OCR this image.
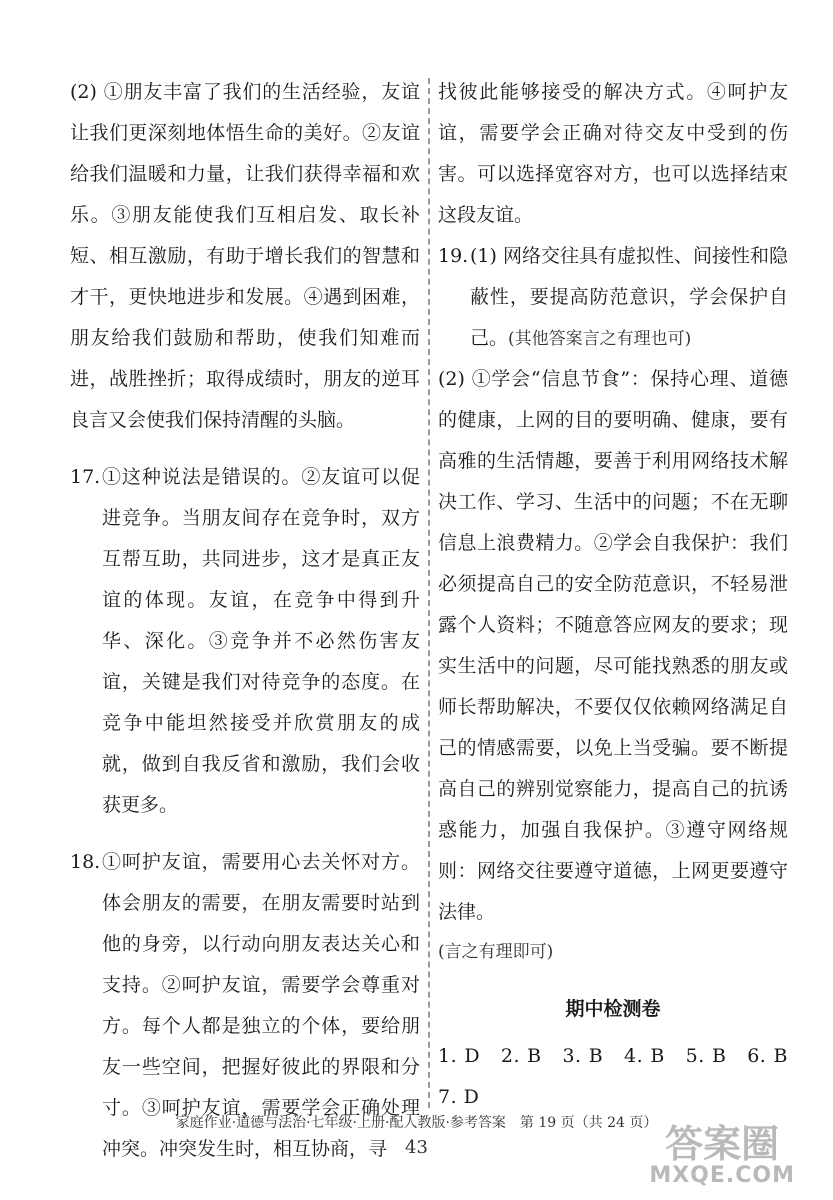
(2) ①朋友丰富了我们的生活经验，友谊让我们更深刻地体悟生命的美好。②友谊给我们温暖和力量，让我们获得幸福和欢乐。③朋友能使我们互相启发、取长补短、相互激励，有助于增长我们的智慧和才干，更快地进步和发展。④遇到困难，朋友给我们鼓励和帮助，使我们知难而进，战胜挫折；取得成绩时，朋友的逆耳良言又会使我们保持清醒的头脑。

17. ①这种说法是错误的。②友谊可以促进竞争。当朋友间存在竞争时，双方互帮互助，共同进步，这才是真正友谊的体现。友谊，在竞争中得到升华、深化。③竞争并不必然伤害友谊，关键是我们对待竞争的态度。在竞争中能坦然接受并欣赏朋友的成就，做到自我反省和激励，我们会收获更多。
18. ①呵护友谊，需要用心去关怀对方。体会朋友的需要，在朋友需要时站到他的身旁，以行动向朋友表达关心和支持。②呵护友谊，需要学会尊重对方。每个人都是独立的个体，要给朋友一些空间，把握好彼此的界限和分寸。③呵护友谊，需要学会正确处理冲突。冲突发生时，相互协商，寻

找彼此能够接受的解决方式。④呵护友谊，需要学会正确对待交友中受到的伤害。可以选择宽容对方，也可以选择结束这段友谊。

19. (1) 网络交往具有虚拟性、间接性和隐蔽性，要提高防范意识，学会保护自己。(其他答案言之有理也可)

(2) ①学会“信息节食”：保持心理、道德的健康，上网的目的要明确、健康，要有高雅的生活情趣，要善于利用网络技术解决工作、学习、生活中的问题；不在无聊信息上浪费精力。②学会自我保护：我们必须提高自己的安全防范意识，不轻易泄露个人资料；不随意答应网友的要求；现实生活中的问题，尽可能找熟悉的朋友或师长帮助解决，不要仅仅依赖网络满足自己的情感需要，以免上当受骗。要不断提高自己的辨别觉察能力，提高自己的抗诱惑能力，加强自我保护。③遵守网络规则：网络交往要遵守道德，上网更要遵守法律。

(言之有理即可)

期中检测卷

1. D　2. B　3. B　4. B　5. B　6. B　7. D

家庭作业·道德与法治·七年级·上册·配人教版·参考答案　第 19 页（共 24 页）
43	答案圈
MXQE.COM
